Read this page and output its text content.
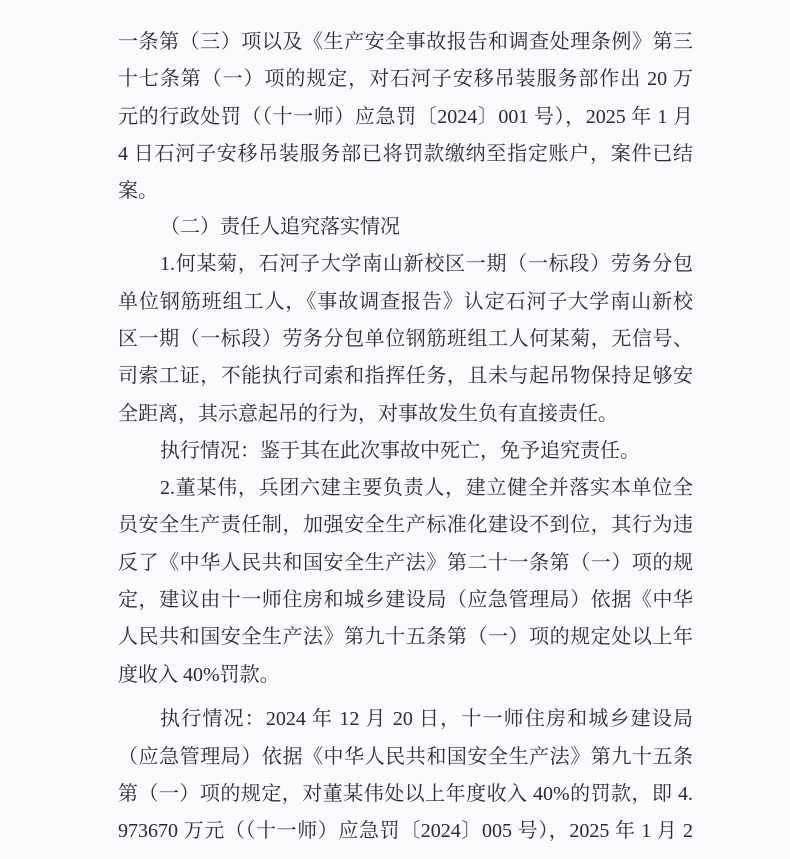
一条第（三）项以及《生产安全事故报告和调查处理条例》第三
十七条第（一）项的规定，对石河子安移吊装服务部作出 20 万
元的行政处罚（（十一师）应急罚〔2024〕001 号），2025 年 1 月
4 日石河子安移吊装服务部已将罚款缴纳至指定账户，案件已结
案。
（二）责任人追究落实情况
1.何某菊，石河子大学南山新校区一期（一标段）劳务分包
单位钢筋班组工人，《事故调查报告》认定石河子大学南山新校
区一期（一标段）劳务分包单位钢筋班组工人何某菊，无信号、
司索工证，不能执行司索和指挥任务，且未与起吊物保持足够安
全距离，其示意起吊的行为，对事故发生负有直接责任。
执行情况：鉴于其在此次事故中死亡，免予追究责任。
2.董某伟，兵团六建主要负责人，建立健全并落实本单位全
员安全生产责任制，加强安全生产标准化建设不到位，其行为违
反了《中华人民共和国安全生产法》第二十一条第（一）项的规
定，建议由十一师住房和城乡建设局（应急管理局）依据《中华
人民共和国安全生产法》第九十五条第（一）项的规定处以上年
度收入 40%罚款。
执行情况：2024 年 12 月 20 日，十一师住房和城乡建设局
（应急管理局）依据《中华人民共和国安全生产法》第九十五条
第（一）项的规定，对董某伟处以上年度收入 40%的罚款，即 4.
973670 万元（（十一师）应急罚〔2024〕005 号），2025 年 1 月 2
